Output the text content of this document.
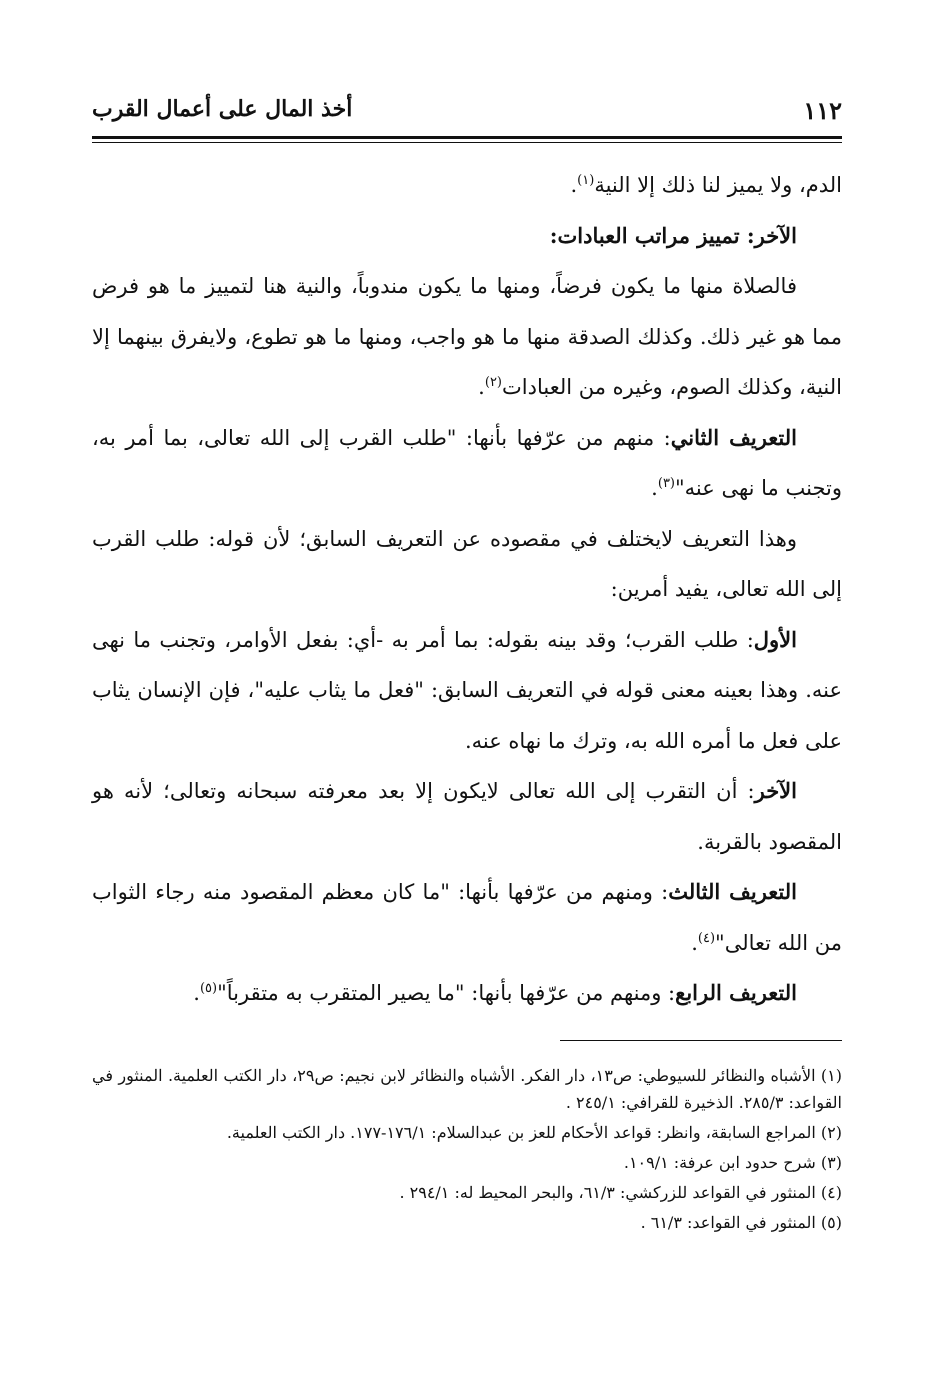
١١٢
أخذ المال على أعمال القرب

الدم، ولا يميز لنا ذلك إلا النية$^{(١)}$.

الآخر: تمييز مراتب العبادات:

فالصلاة منها ما يكون فرضاً، ومنها ما يكون مندوباً، والنية هنا لتمييز ما هو فرض مما هو غير ذلك. وكذلك الصدقة منها ما هو واجب، ومنها ما هو تطوع، ولايفرق بينهما إلا النية، وكذلك الصوم، وغيره من العبادات$^{(٢)}$.

التعريف الثاني: منهم من عرّفها بأنها: "طلب القرب إلى الله تعالى، بما أمر به، وتجنب ما نهى عنه"$^{(٣)}$.

وهذا التعريف لايختلف في مقصوده عن التعريف السابق؛ لأن قوله: طلب القرب إلى الله تعالى، يفيد أمرين:

الأول: طلب القرب؛ وقد بينه بقوله: بما أمر به -أي: بفعل الأوامر، وتجنب ما نهى عنه. وهذا بعينه معنى قوله في التعريف السابق: "فعل ما يثاب عليه"، فإن الإنسان يثاب على فعل ما أمره الله به، وترك ما نهاه عنه.

الآخر: أن التقرب إلى الله تعالى لايكون إلا بعد معرفته سبحانه وتعالى؛ لأنه هو المقصود بالقربة.

التعريف الثالث: ومنهم من عرّفها بأنها: "ما كان معظم المقصود منه رجاء الثواب من الله تعالى"$^{(٤)}$.

التعريف الرابع: ومنهم من عرّفها بأنها: "ما يصير المتقرب به متقرباً"$^{(٥)}$.

(١) الأشباه والنظائر للسيوطي: ص١٣، دار الفكر. الأشباه والنظائر لابن نجيم: ص٢٩، دار الكتب العلمية. المنثور في القواعد: ٢٨٥/٣. الذخيرة للقرافي: ٢٤٥/١ .

(٢) المراجع السابقة، وانظر: قواعد الأحكام للعز بن عبدالسلام: ١٧٦/١-١٧٧. دار الكتب العلمية.

(٣) شرح حدود ابن عرفة: ١٠٩/١.

(٤) المنثور في القواعد للزركشي: ٦١/٣، والبحر المحيط له: ٢٩٤/١ .

(٥) المنثور في القواعد: ٦١/٣ .
